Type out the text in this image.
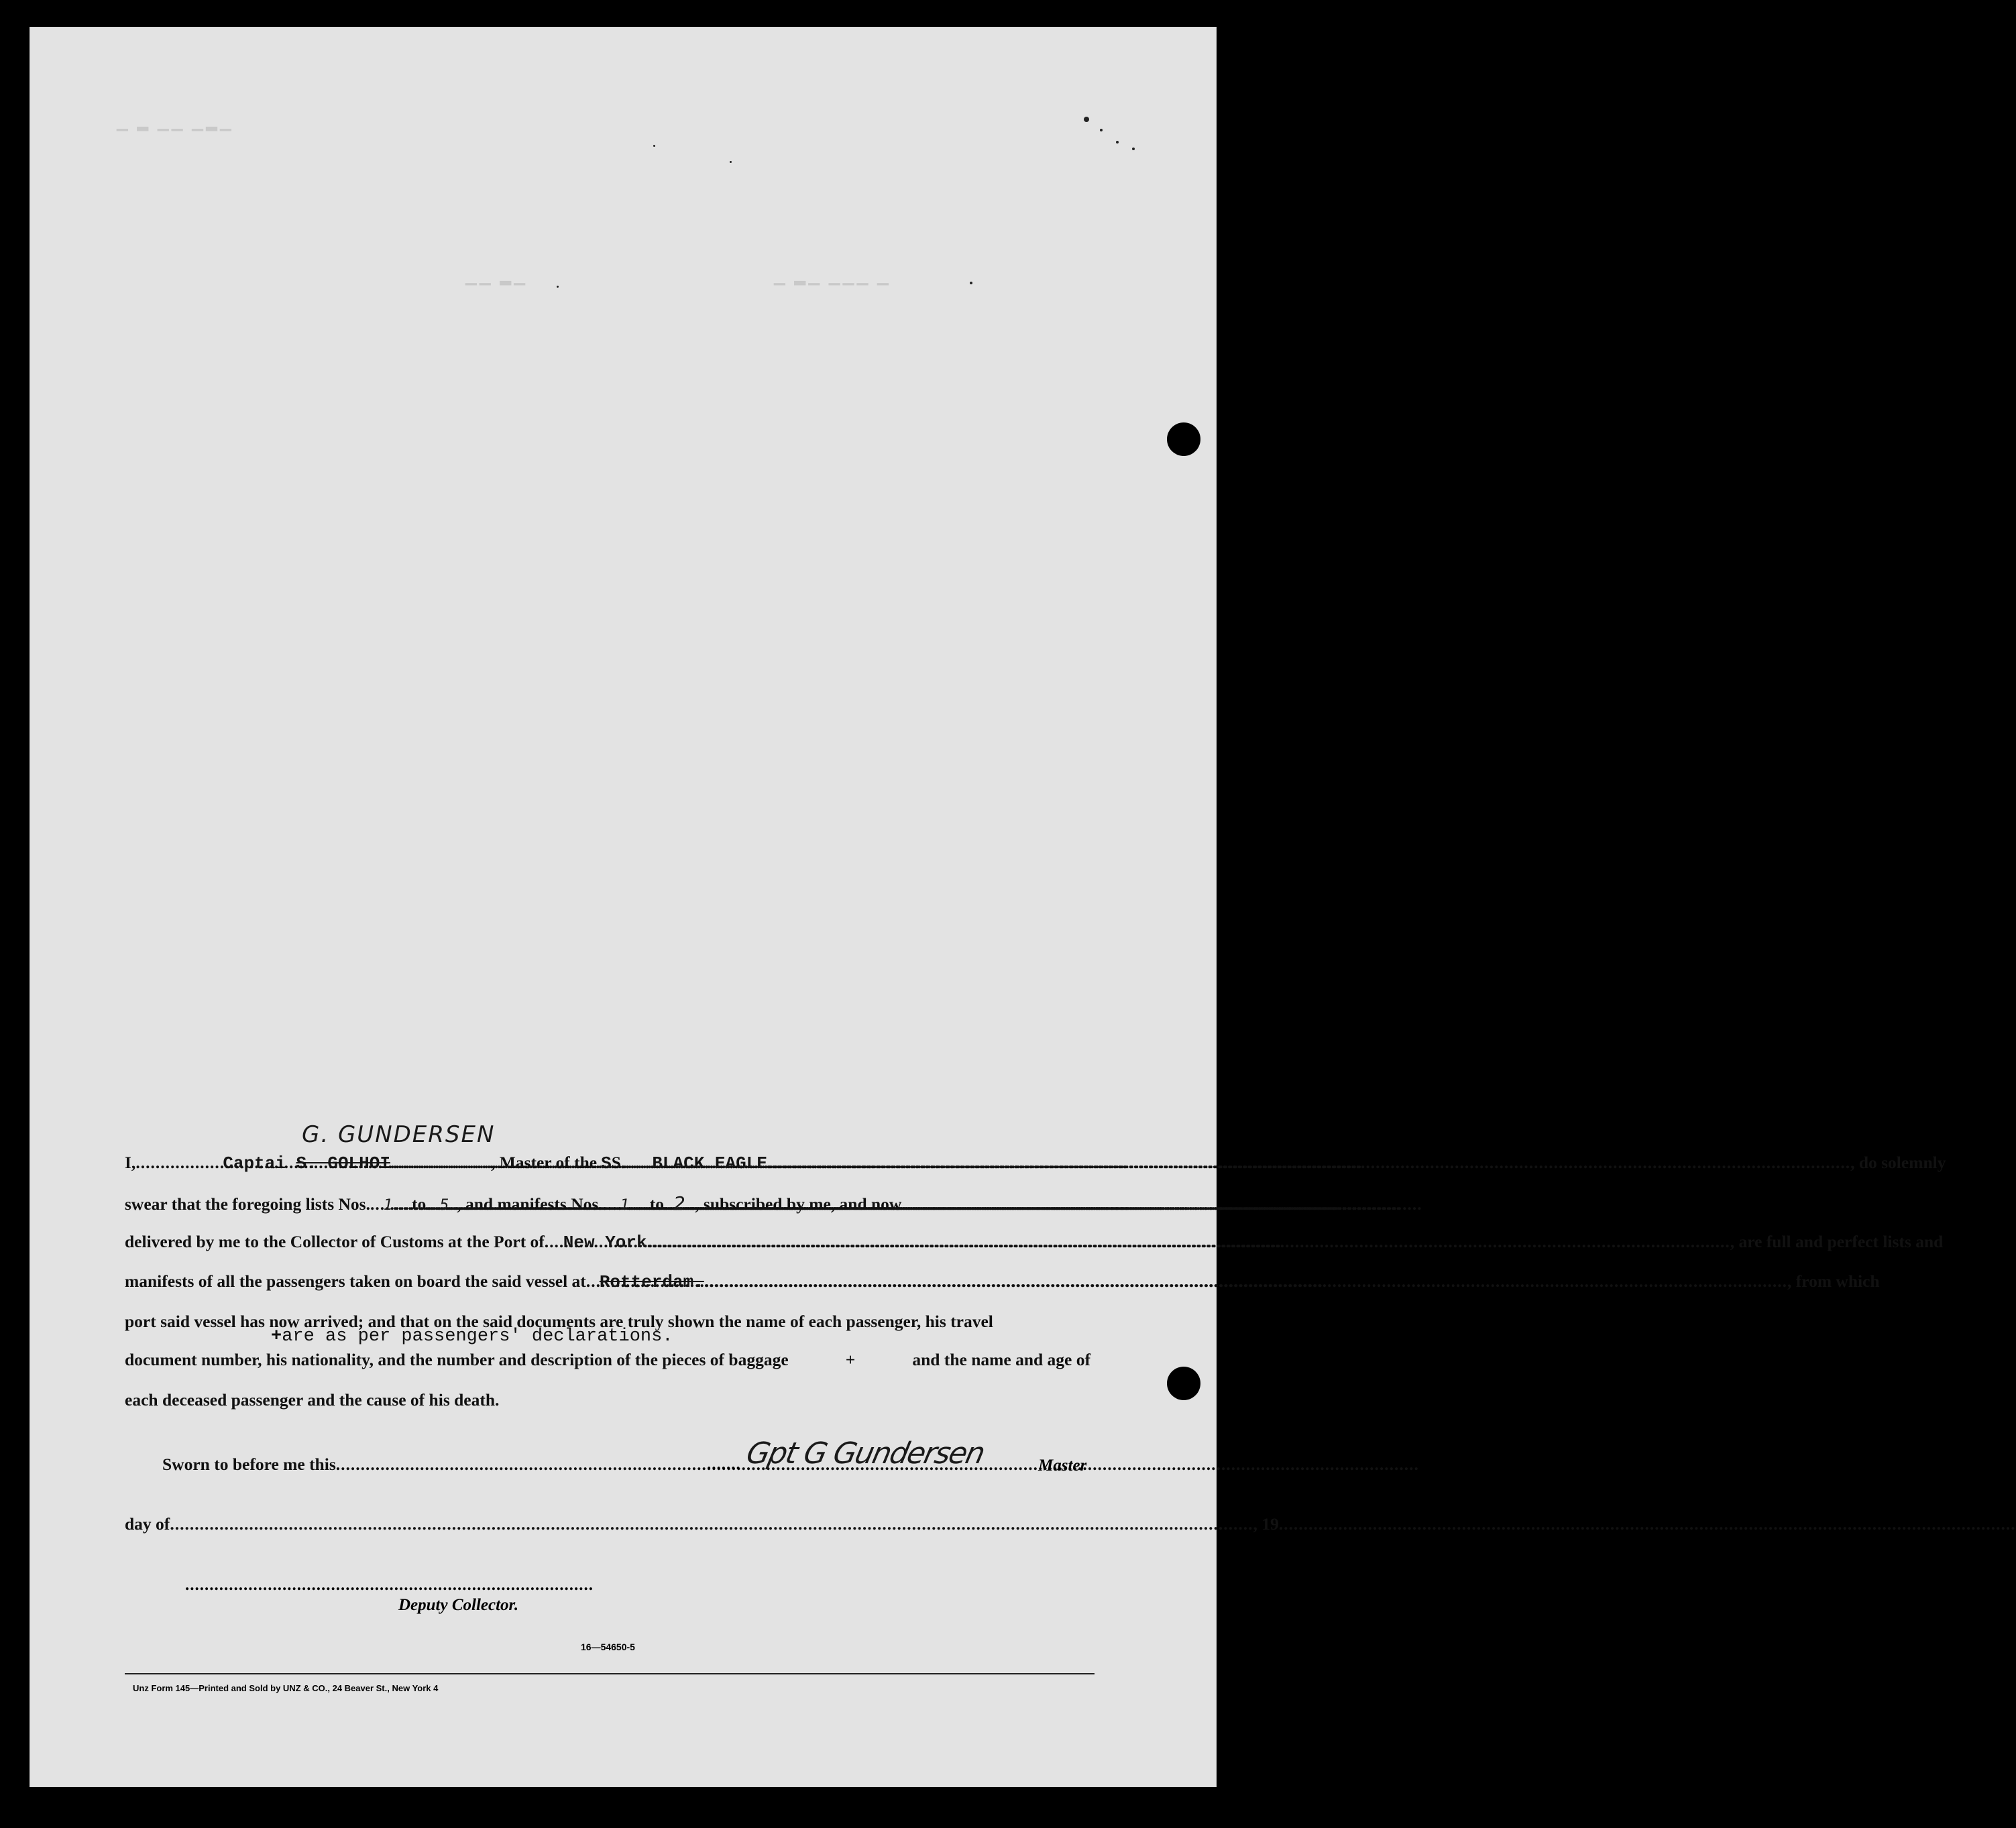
▁ ▂ ▁▁ ▁▂▁
▁▁ ▂▁	▁ ▂▁ ▁▁▁ ▁
G. GUNDERSEN
I, .....	Captai S. GOLHOI .....	, Master of the SS. ..... BLACK EAGLE .....	, do solemnly
swear that the foregoing lists Nos. ..... 1 ..... to ..... 5 ..... , and manifests Nos. ..... 1 ..... to ..... 2 ..... ., subscribed by me, and now
delivered by me to the Collector of Customs at the Port of ..... New York .....	, are full and perfect lists and
manifests of all the passengers taken on board the said vessel at ..... Rotterdam. .....	, from which
port said vessel has now arrived; and that on the said documents are truly shown the name of each passenger, his travel
+are as per passengers' declarations.
document number, his nationality, and the number and description of the pieces of baggage	+	and the name and age of
each deceased passenger and the cause of his death.
Sworn to before me this .....	....... Gpt G Gundersen	Master
day of .....	, 19
.....
....................................................................................
Deputy Collector.
16—54650-5
Unz Form 145—Printed and Sold by UNZ & CO., 24 Beaver St., New York 4
